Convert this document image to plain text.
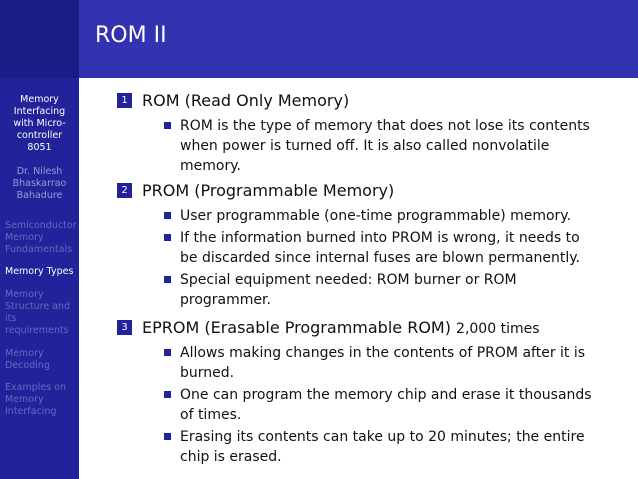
Memory
Interfacing
with Micro-
controller
8051
Dr. Nilesh
Bhaskarrao
Bahadure
Semiconductor
Memory
Fundamentals
Memory Types
Memory
Structure and
its
requirements
Memory
Decoding
Examples on
Memory
Interfacing
ROM II
1 ROM (Read Only Memory)
ROM is the type of memory that does not lose its contents
when power is turned off. It is also called nonvolatile
memory.
2 PROM (Programmable Memory)
User programmable (one-time programmable) memory.
If the information burned into PROM is wrong, it needs to
be discarded since internal fuses are blown permanently.
Special equipment needed: ROM burner or ROM
programmer.
3 EPROM (Erasable Programmable ROM) 2,000 times
Allows making changes in the contents of PROM after it is
burned.
One can program the memory chip and erase it thousands
of times.
Erasing its contents can take up to 20 minutes; the entire
chip is erased.
